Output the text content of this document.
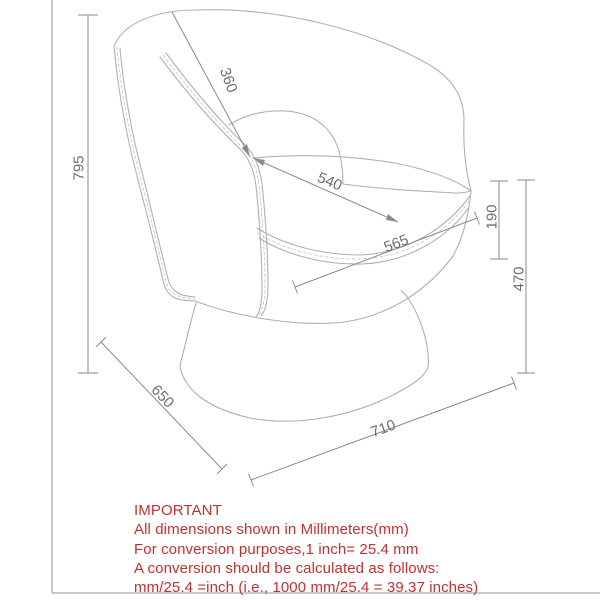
795
360
540
565
190
470
650
710
IMPORTANT
All dimensions shown in Millimeters(mm)
For conversion purposes,1 inch= 25.4 mm
A conversion should be calculated as follows:
mm/25.4 =inch (i.e., 1000 mm/25.4 = 39.37 inches)
